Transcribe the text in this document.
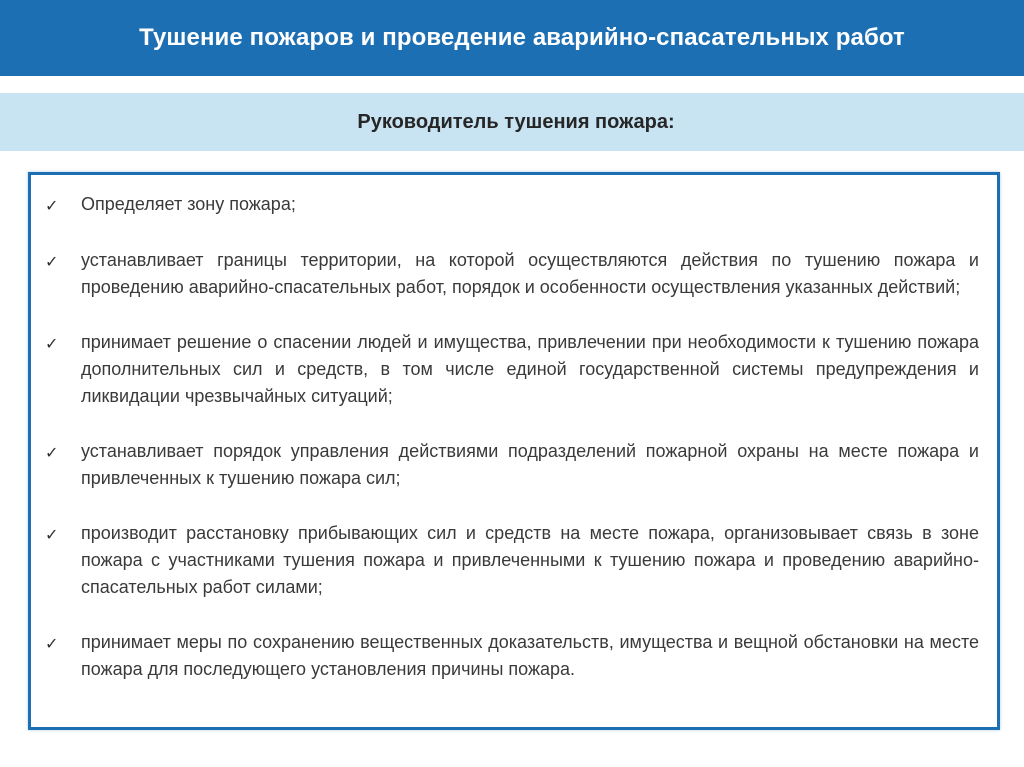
Тушение пожаров и проведение аварийно-спасательных работ
Руководитель тушения пожара:
✓	Определяет зону пожара;
✓	устанавливает границы территории, на которой осуществляются действия по тушению пожара и проведению аварийно-спасательных работ, порядок и особенности осуществления указанных действий;
✓	принимает решение о спасении людей и имущества, привлечении при необходимости к тушению пожара дополнительных сил и средств, в том числе единой государственной системы предупреждения и ликвидации чрезвычайных ситуаций;
✓	устанавливает порядок управления действиями подразделений пожарной охраны на месте пожара и привлеченных к тушению пожара сил;
✓	производит расстановку прибывающих сил и средств на месте пожара, организовывает связь в зоне пожара с участниками тушения пожара и привлеченными к тушению пожара и проведению аварийно-спасательных работ силами;
✓	принимает меры по сохранению вещественных доказательств, имущества и вещной обстановки на месте пожара для последующего установления причины пожара.
